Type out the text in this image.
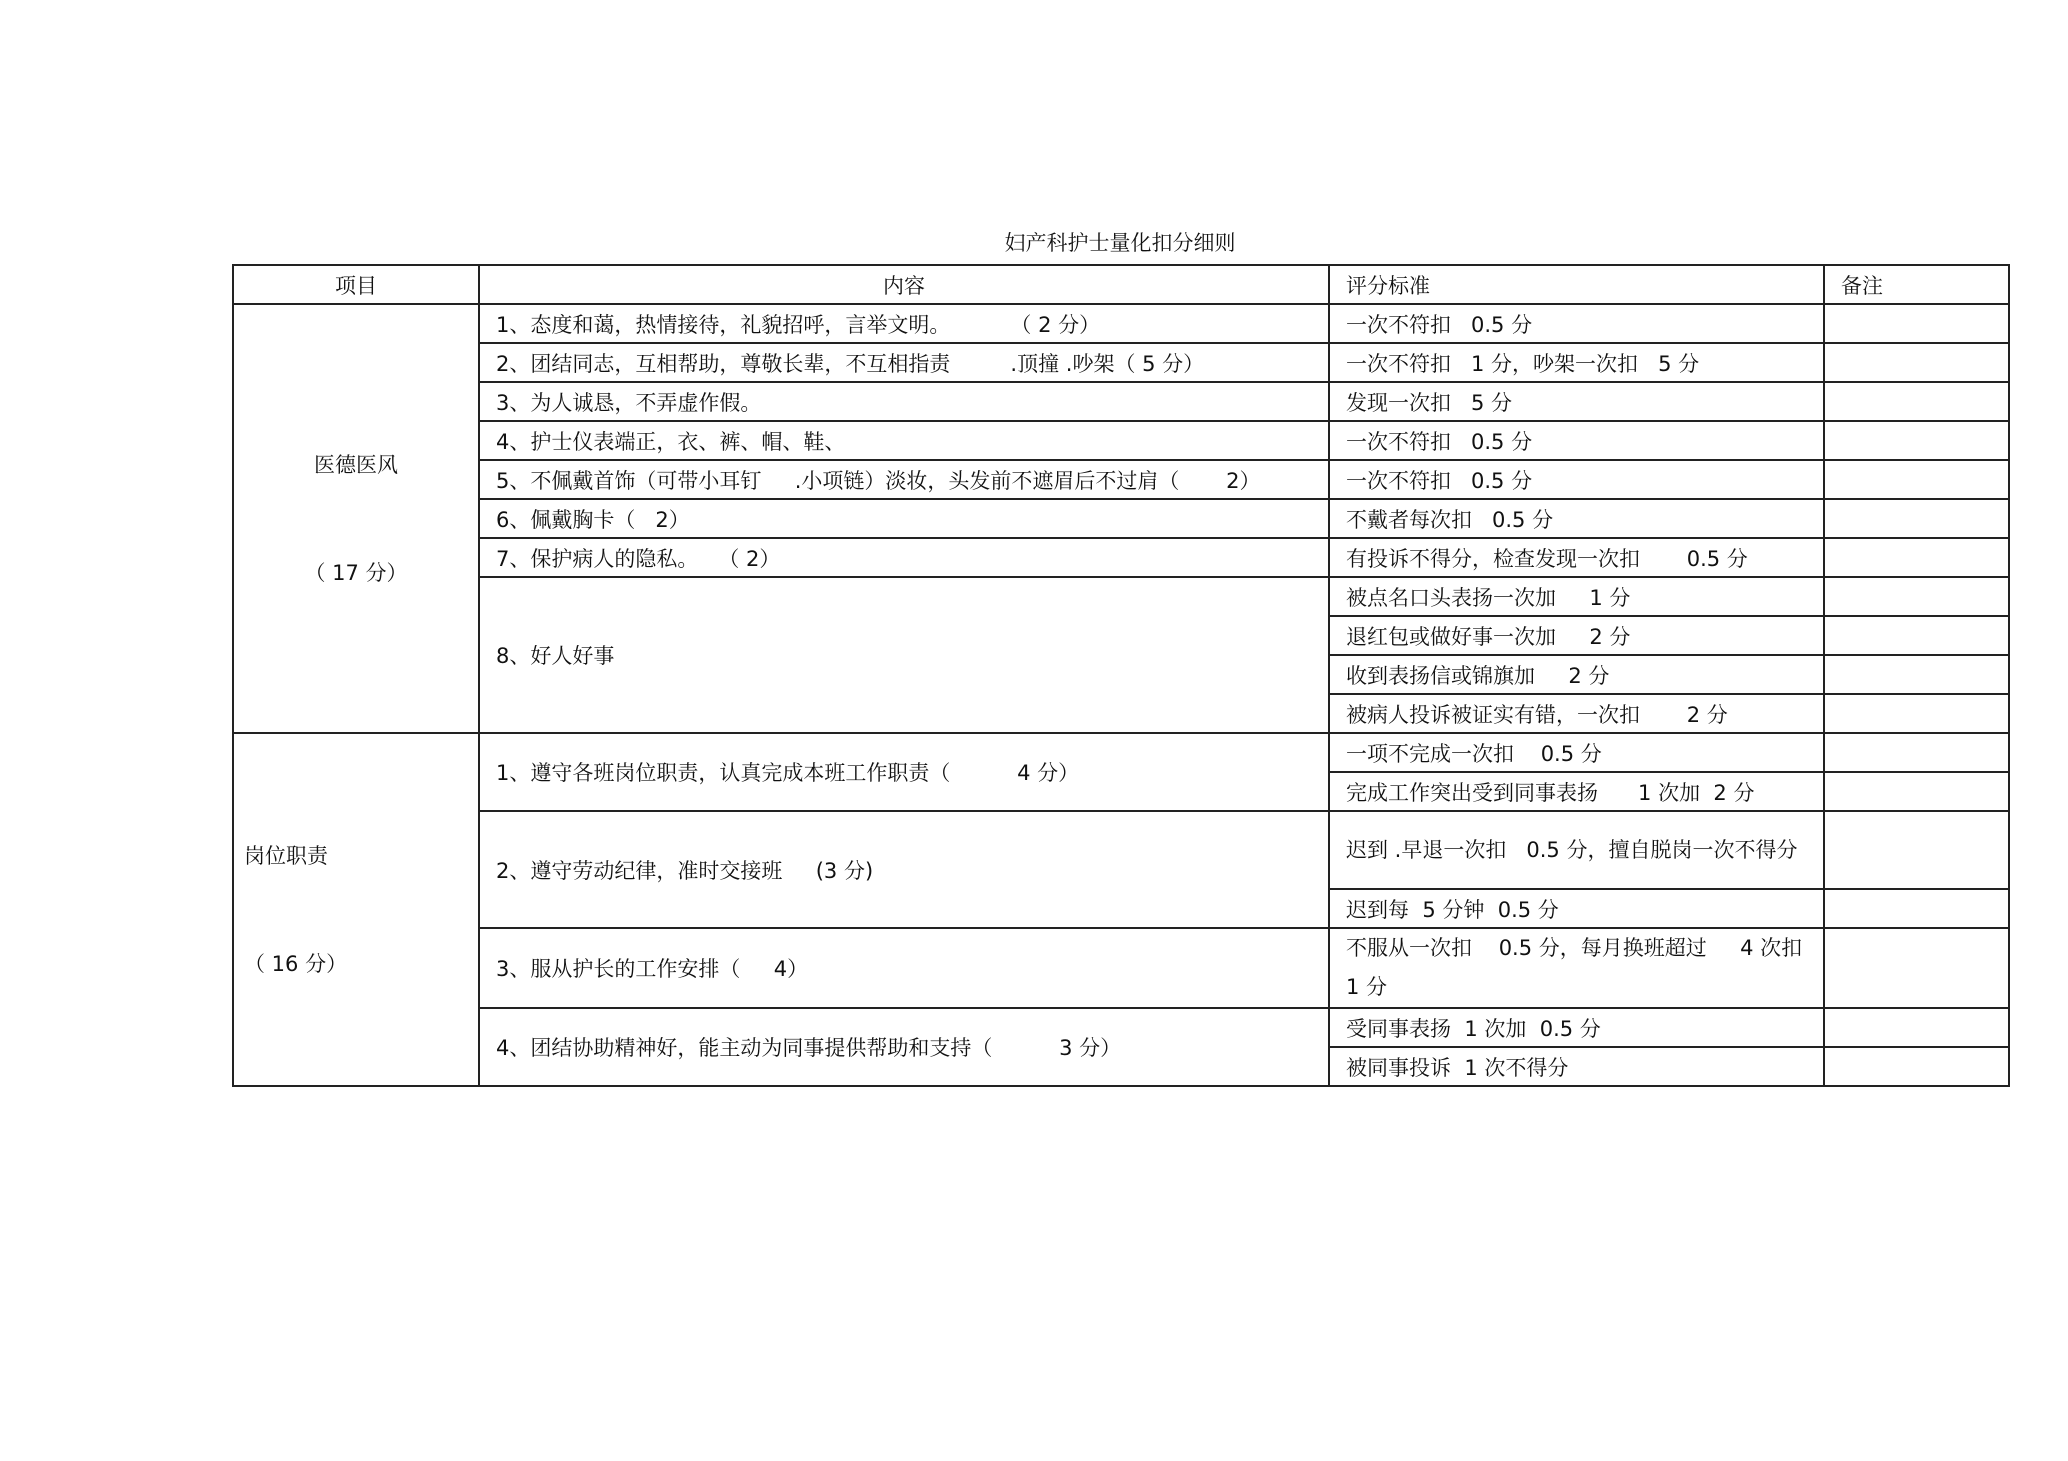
妇产科护士量化扣分细则
项目	内容	评分标准	备注

医德医风

（ 17 分）	1、态度和蔼，热情接待，礼貌招呼，言举文明。         （ 2 分）	一次不符扣   0.5 分	
	2、团结同志，互相帮助，尊敬长辈，不互相指责         .顶撞 .吵架（ 5 分）	一次不符扣   1 分，吵架一次扣   5 分	
	3、为人诚恳，不弄虚作假。	发现一次扣   5 分	
	4、护士仪表端正，衣、裤、帽、鞋、	一次不符扣   0.5 分	
	5、不佩戴首饰（可带小耳钉     .小项链）淡妆，头发前不遮眉后不过肩（       2）	一次不符扣   0.5 分	
	6、佩戴胸卡（   2）	不戴者每次扣   0.5 分	
	7、保护病人的隐私。   （ 2）	有投诉不得分，检查发现一次扣       0.5 分	
	8、好人好事	被点名口头表扬一次加     1 分	
		退红包或做好事一次加     2 分	
		收到表扬信或锦旗加     2 分	
		被病人投诉被证实有错，一次扣       2 分	

岗位职责

（ 16 分）	1、遵守各班岗位职责，认真完成本班工作职责（          4 分）	一项不完成一次扣    0.5 分	
		完成工作突出受到同事表扬      1 次加  2 分	
	2、遵守劳动纪律，准时交接班     (3 分)	迟到 .早退一次扣   0.5 分，擅自脱岗一次不得分	
		迟到每  5 分钟  0.5 分	
	3、服从护长的工作安排（     4）	不服从一次扣    0.5 分，每月换班超过     4 次扣 1 分	
	4、团结协助精神好，能主动为同事提供帮助和支持（          3 分）	受同事表扬  1 次加  0.5 分	
		被同事投诉  1 次不得分	
